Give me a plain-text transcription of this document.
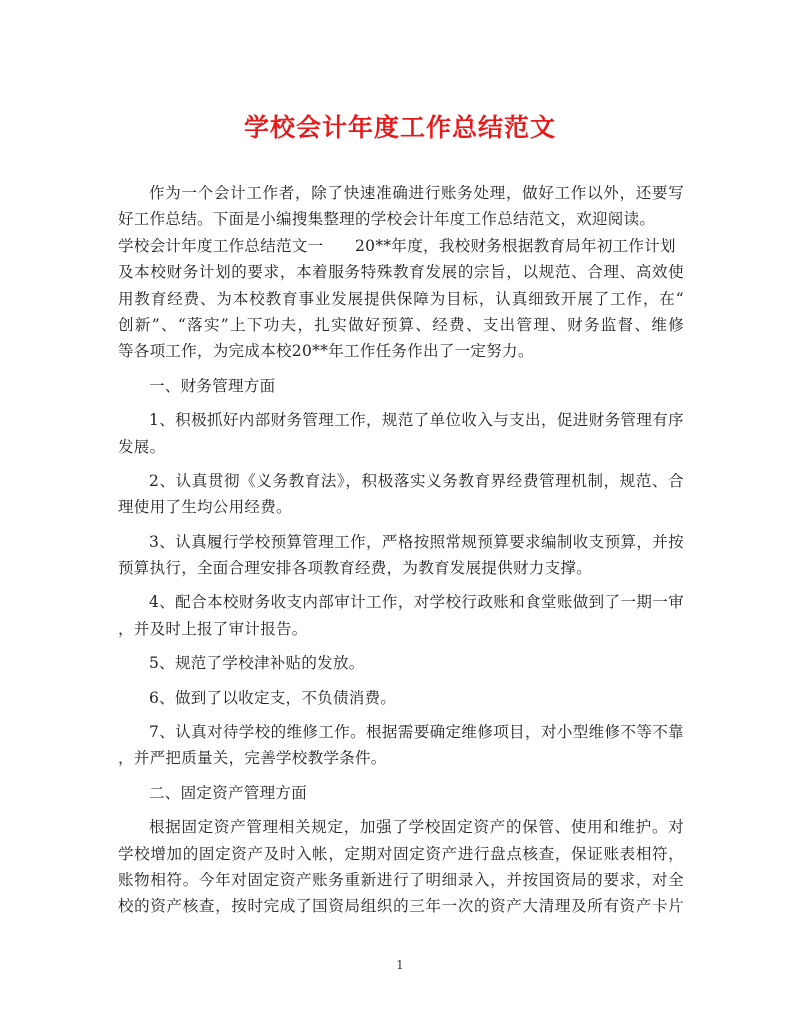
学校会计年度工作总结范文
作为一个会计工作者，除了快速准确进行账务处理，做好工作以外，还要写
好工作总结。下面是小编搜集整理的学校会计年度工作总结范文，欢迎阅读。
学校会计年度工作总结范文一　　20**年度，我校财务根据教育局年初工作计划
及本校财务计划的要求，本着服务特殊教育发展的宗旨，以规范、合理、高效使
用教育经费、为本校教育事业发展提供保障为目标，认真细致开展了工作，在“
创新”、“落实”上下功夫，扎实做好预算、经费、支出管理、财务监督、维修
等各项工作，为完成本校20**年工作任务作出了一定努力。
一、财务管理方面
1、积极抓好内部财务管理工作，规范了单位收入与支出，促进财务管理有序
发展。
2、认真贯彻《义务教育法》，积极落实义务教育界经费管理机制，规范、合
理使用了生均公用经费。
3、认真履行学校预算管理工作，严格按照常规预算要求编制收支预算，并按
预算执行，全面合理安排各项教育经费，为教育发展提供财力支撑。
4、配合本校财务收支内部审计工作，对学校行政账和食堂账做到了一期一审
，并及时上报了审计报告。
5、规范了学校津补贴的发放。
6、做到了以收定支，不负债消费。
7、认真对待学校的维修工作。根据需要确定维修项目，对小型维修不等不靠
，并严把质量关，完善学校教学条件。
二、固定资产管理方面
根据固定资产管理相关规定，加强了学校固定资产的保管、使用和维护。对
学校增加的固定资产及时入帐，定期对固定资产进行盘点核查，保证账表相符，
账物相符。今年对固定资产账务重新进行了明细录入，并按国资局的要求，对全
校的资产核查，按时完成了国资局组织的三年一次的资产大清理及所有资产卡片
1
